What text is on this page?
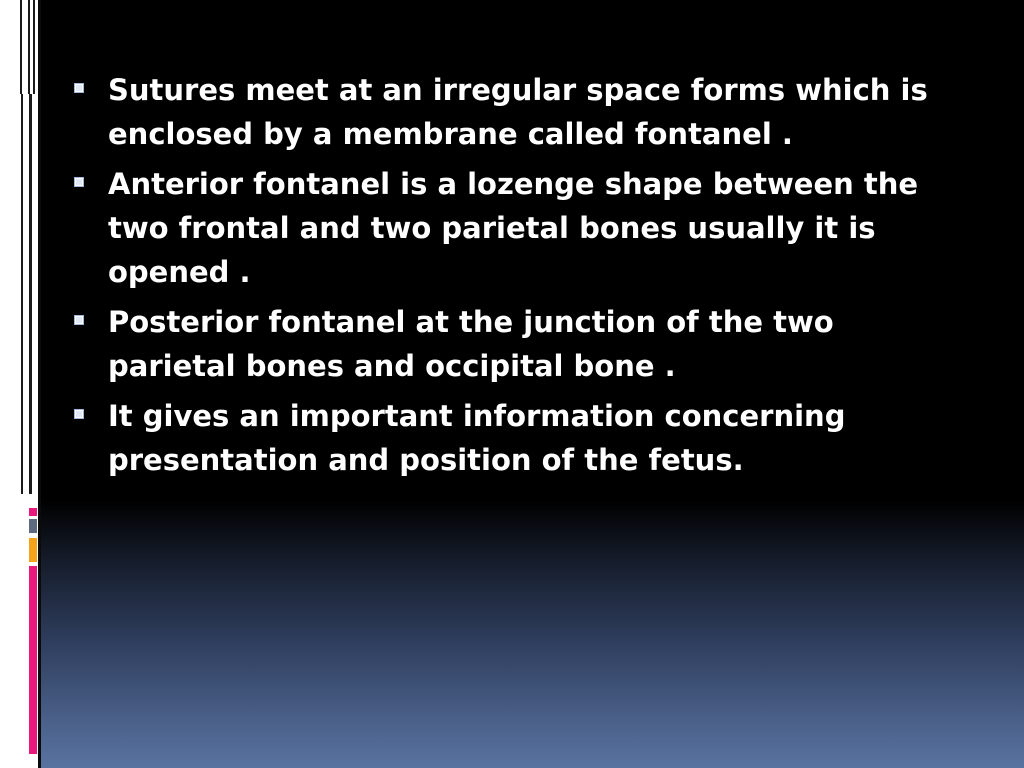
Sutures meet at an irregular space forms which is enclosed by a membrane called fontanel .
Anterior fontanel is a lozenge shape between the two frontal and two parietal bones usually it is opened .
Posterior fontanel at the junction of the two parietal bones and occipital bone .
It gives an important information concerning presentation and position of the fetus.
